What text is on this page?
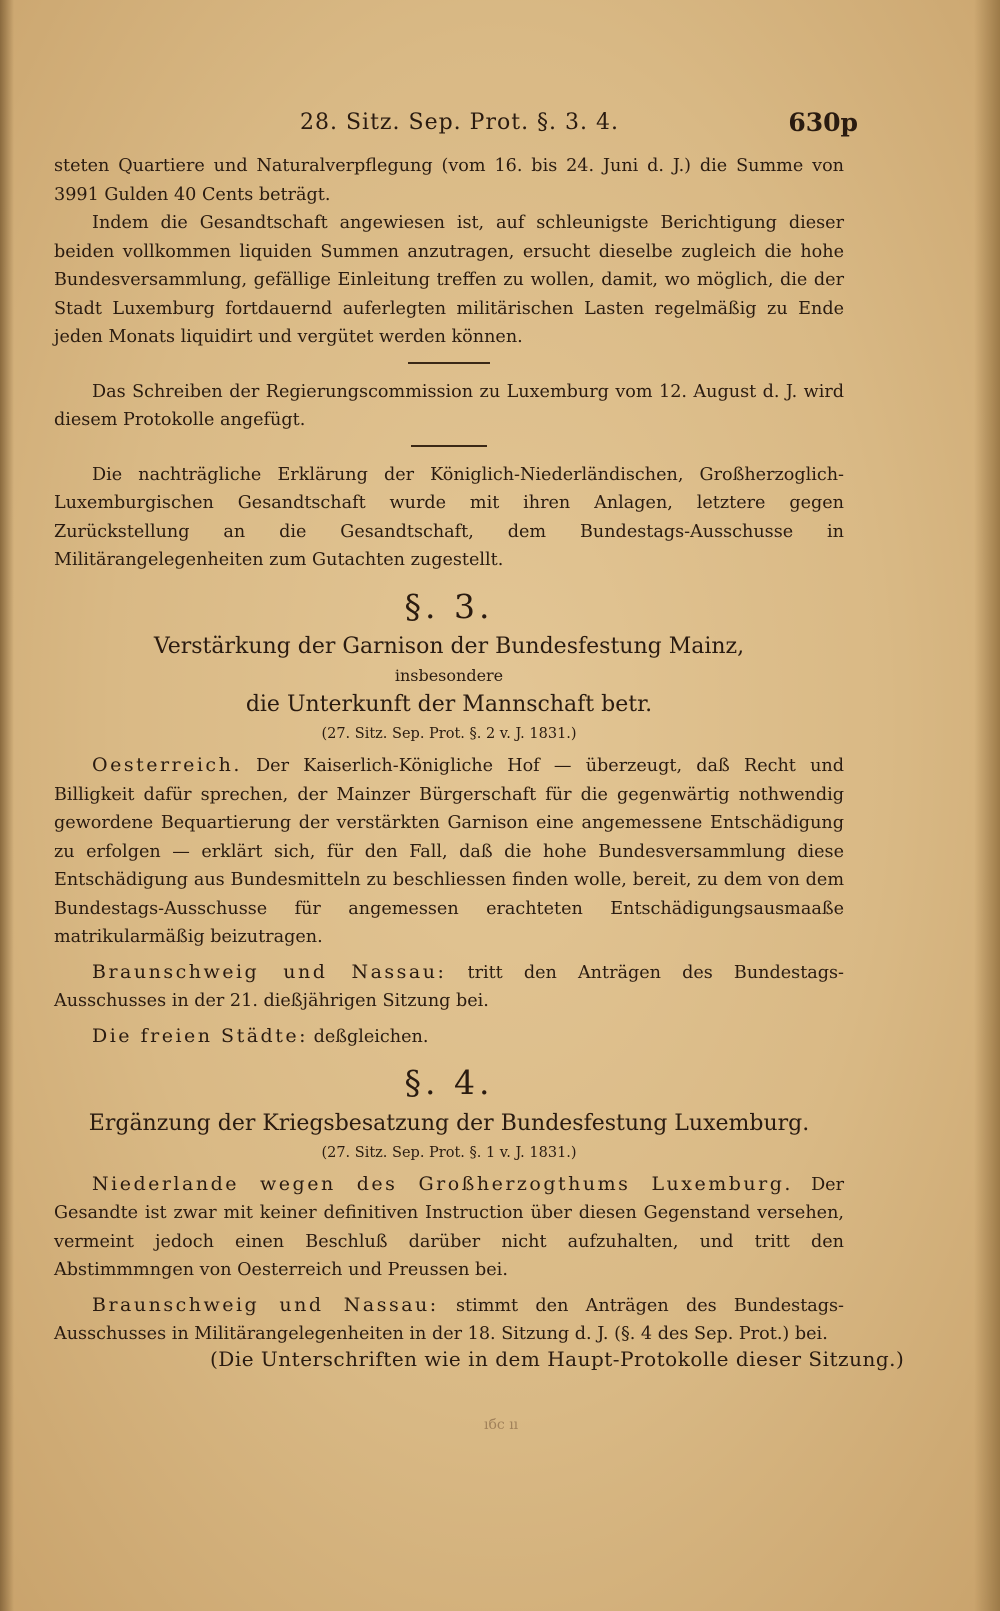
28. Sitz. Sep. Prot. §. 3. 4.	630p

steten Quartiere und Naturalverpflegung (vom 16. bis 24. Juni d. J.) die Summe von 3991 Gulden 40 Cents beträgt.

Indem die Gesandtschaft angewiesen ist, auf schleunigste Berichtigung dieser beiden vollkommen liquiden Summen anzutragen, ersucht dieselbe zugleich die hohe Bundesversammlung, gefällige Einleitung treffen zu wollen, damit, wo möglich, die der Stadt Luxemburg fortdauernd auferlegten militärischen Lasten regelmäßig zu Ende jeden Monats liquidirt und vergütet werden können.

Das Schreiben der Regierungscommission zu Luxemburg vom 12. August d. J. wird diesem Protokolle angefügt.

Die nachträgliche Erklärung der Königlich-Niederländischen, Großherzoglich-Luxemburgischen Gesandtschaft wurde mit ihren Anlagen, letztere gegen Zurückstellung an die Gesandtschaft, dem Bundestags-Ausschusse in Militärangelegenheiten zum Gutachten zugestellt.

§. 3.
Verstärkung der Garnison der Bundesfestung Mainz,
insbesondere
die Unterkunft der Mannschaft betr.
(27. Sitz. Sep. Prot. §. 2 v. J. 1831.)

Oesterreich. Der Kaiserlich-Königliche Hof — überzeugt, daß Recht und Billigkeit dafür sprechen, der Mainzer Bürgerschaft für die gegenwärtig nothwendig gewordene Bequartierung der verstärkten Garnison eine angemessene Entschädigung zu erfolgen — erklärt sich, für den Fall, daß die hohe Bundesversammlung diese Entschädigung aus Bundesmitteln zu beschliessen finden wolle, bereit, zu dem von dem Bundestags-Ausschusse für angemessen erachteten Entschädigungsausmaaße matrikularmäßig beizutragen.

Braunschweig und Nassau: tritt den Anträgen des Bundestags-Ausschusses in der 21. dießjährigen Sitzung bei.

Die freien Städte: deßgleichen.

§. 4.
Ergänzung der Kriegsbesatzung der Bundesfestung Luxemburg.
(27. Sitz. Sep. Prot. §. 1 v. J. 1831.)

Niederlande wegen des Großherzogthums Luxemburg. Der Gesandte ist zwar mit keiner definitiven Instruction über diesen Gegenstand versehen, vermeint jedoch einen Beschluß darüber nicht aufzuhalten, und tritt den Abstimmmngen von Oesterreich und Preussen bei.

Braunschweig und Nassau: stimmt den Anträgen des Bundestags-Ausschusses in Militärangelegenheiten in der 18. Sitzung d. J. (§. 4 des Sep. Prot.) bei.

(Die Unterschriften wie in dem Haupt-Protokolle dieser Sitzung.)
ıбc ıı
